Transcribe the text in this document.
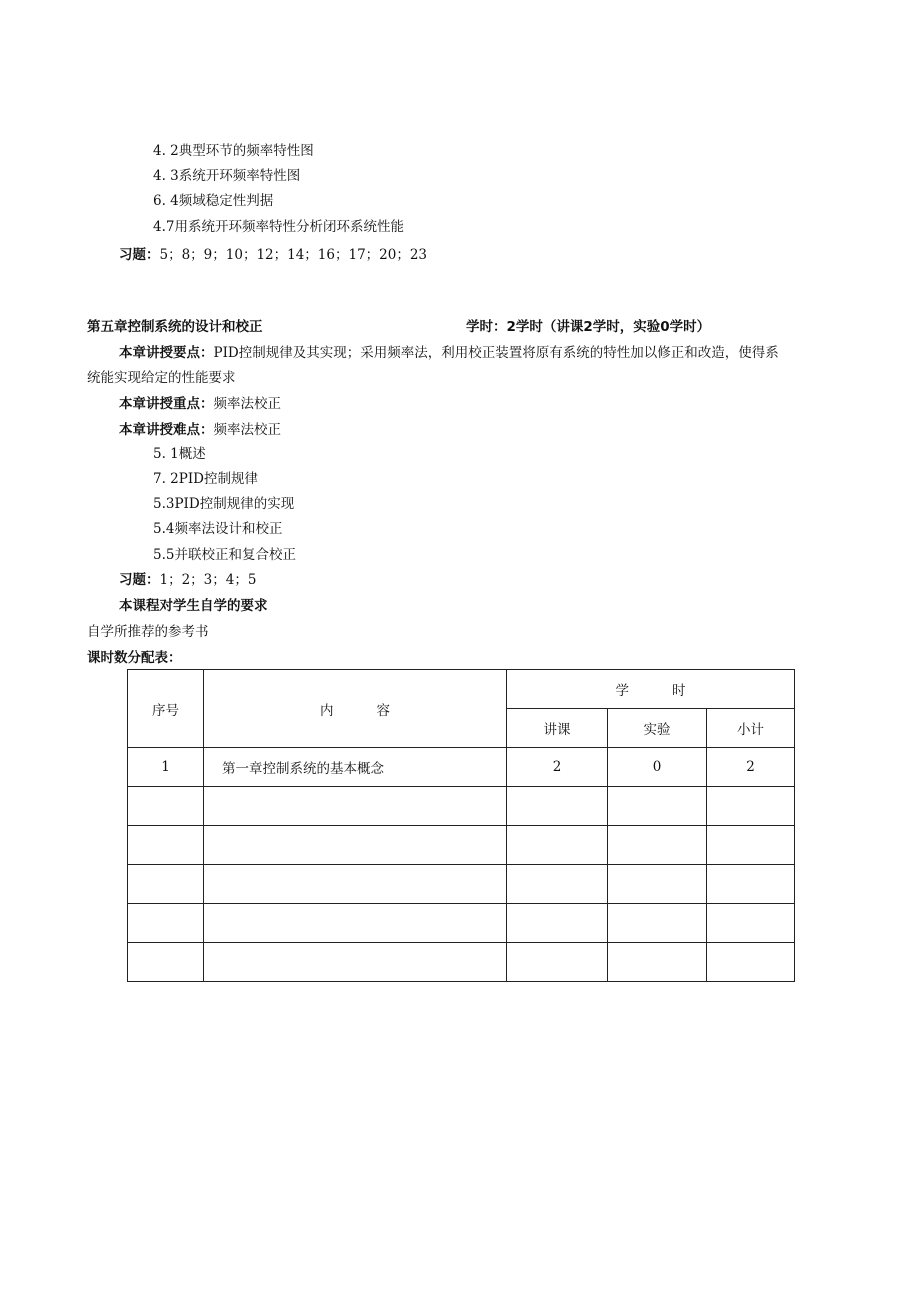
4. 2典型环节的频率特性图
4. 3系统开环频率特性图
6. 4频域稳定性判据
4.7用系统开环频率特性分析闭环系统性能
习题：5；8；9；10；12；14；16；17；20；23
第五章控制系统的设计和校正	学时：2学时（讲课2学时，实验0学时）
本章讲授要点：PID控制规律及其实现；采用频率法，利用校正装置将原有系统的特性加以修正和改造，使得系
统能实现给定的性能要求
本章讲授重点：频率法校正
本章讲授难点：频率法校正
5. 1概述
7. 2PID控制规律
5.3PID控制规律的实现
5.4频率法设计和校正
5.5并联校正和复合校正
习题：1；2；3；4；5
本课程对学生自学的要求
自学所推荐的参考书
课时数分配表：
序号	内          容	学          时		
		讲课	实验	小计
1	第一章控制系统的基本概念	2	0	2
